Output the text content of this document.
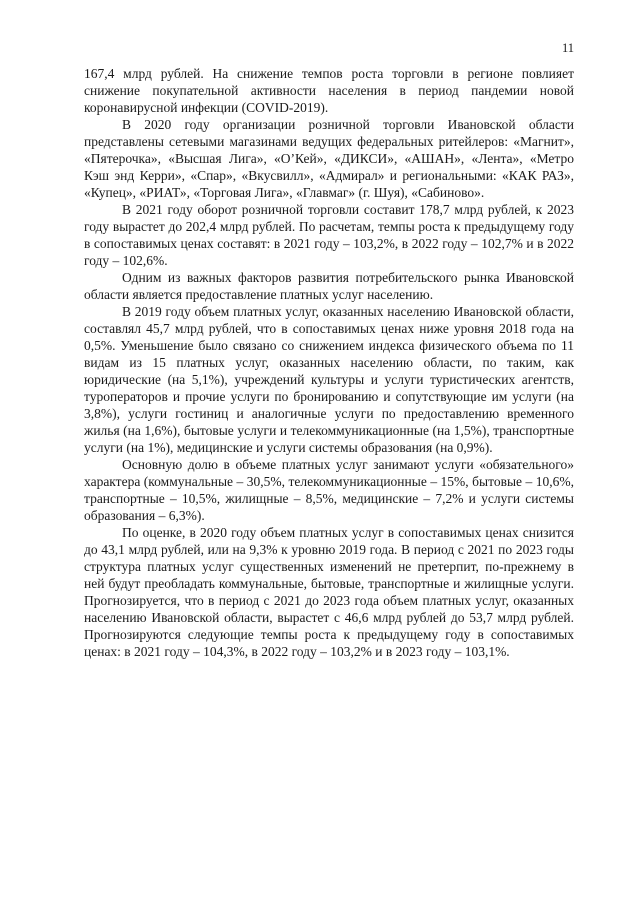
11

167,4 млрд рублей. На снижение темпов роста торговли в регионе повлияет снижение покупательной активности населения в период пандемии новой коронавирусной инфекции (COVID-2019).

В 2020 году организации розничной торговли Ивановской области представлены сетевыми магазинами ведущих федеральных ритейлеров: «Магнит», «Пятерочка», «Высшая Лига», «О’Кей», «ДИКСИ», «АШАН», «Лента», «Метро Кэш энд Керри», «Спар», «Вкусвилл», «Адмирал» и региональными: «КАК РАЗ», «Купец», «РИАТ», «Торговая Лига», «Главмаг» (г. Шуя), «Сабиново».

В 2021 году оборот розничной торговли составит 178,7 млрд рублей, к 2023 году вырастет до 202,4 млрд рублей. По расчетам, темпы роста к предыдущему году в сопоставимых ценах составят: в 2021 году – 103,2%, в 2022 году – 102,7% и в 2022 году – 102,6%.

Одним из важных факторов развития потребительского рынка Ивановской области является предоставление платных услуг населению.

В 2019 году объем платных услуг, оказанных населению Ивановской области, составлял 45,7 млрд рублей, что в сопоставимых ценах ниже уровня 2018 года на 0,5%. Уменьшение было связано со снижением индекса физического объема по 11 видам из 15 платных услуг, оказанных населению области, по таким, как юридические (на 5,1%), учреждений культуры и услуги туристических агентств, туроператоров и прочие услуги по бронированию и сопутствующие им услуги (на 3,8%), услуги гостиниц и аналогичные услуги по предоставлению временного жилья (на 1,6%), бытовые услуги и телекоммуникационные (на 1,5%), транспортные услуги (на 1%), медицинские и услуги системы образования (на 0,9%).

Основную долю в объеме платных услуг занимают услуги «обязательного» характера (коммунальные – 30,5%, телекоммуникационные – 15%, бытовые – 10,6%, транспортные – 10,5%, жилищные – 8,5%, медицинские – 7,2% и услуги системы образования – 6,3%).

По оценке, в 2020 году объем платных услуг в сопоставимых ценах снизится до 43,1 млрд рублей, или на 9,3% к уровню 2019 года. В период с 2021 по 2023 годы структура платных услуг существенных изменений не претерпит, по-прежнему в ней будут преобладать коммунальные, бытовые, транспортные и жилищные услуги. Прогнозируется, что в период с 2021 до 2023 года объем платных услуг, оказанных населению Ивановской области, вырастет с 46,6 млрд рублей до 53,7 млрд рублей. Прогнозируются следующие темпы роста к предыдущему году в сопоставимых ценах: в 2021 году – 104,3%, в 2022 году – 103,2% и в 2023 году – 103,1%.
